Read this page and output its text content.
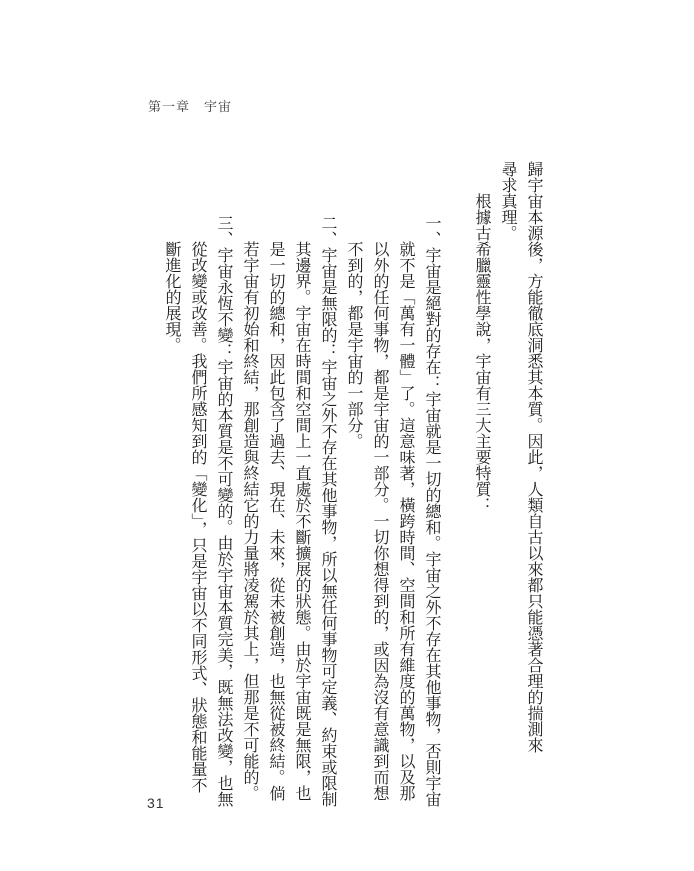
第一章　宇宙
歸宇宙本源後，方能徹底洞悉其本質。因此，人類自古以來都只能憑著合理的揣測來
尋求真理。
根據古希臘靈性學說，宇宙有三大主要特質：
一、宇宙是絕對的存在：宇宙就是一切的總和。宇宙之外不存在其他事物，否則宇宙
就不是「萬有一體」了。這意味著，橫跨時間、空間和所有維度的萬物，以及那
以外的任何事物，都是宇宙的一部分。一切你想得到的，或因為沒有意識到而想
不到的，都是宇宙的一部分。
二、宇宙是無限的：宇宙之外不存在其他事物，所以無任何事物可定義、約束或限制
其邊界。宇宙在時間和空間上一直處於不斷擴展的狀態。由於宇宙既是無限，也
是一切的總和，因此包含了過去、現在、未來，從未被創造，也無從被終結。倘
若宇宙有初始和終結，那創造與終結它的力量將凌駕於其上，但那是不可能的。
三、宇宙永恆不變：宇宙的本質是不可變的。由於宇宙本質完美，既無法改變，也無
從改變或改善。我們所感知到的「變化」，只是宇宙以不同形式、狀態和能量不
斷進化的展現。
31
